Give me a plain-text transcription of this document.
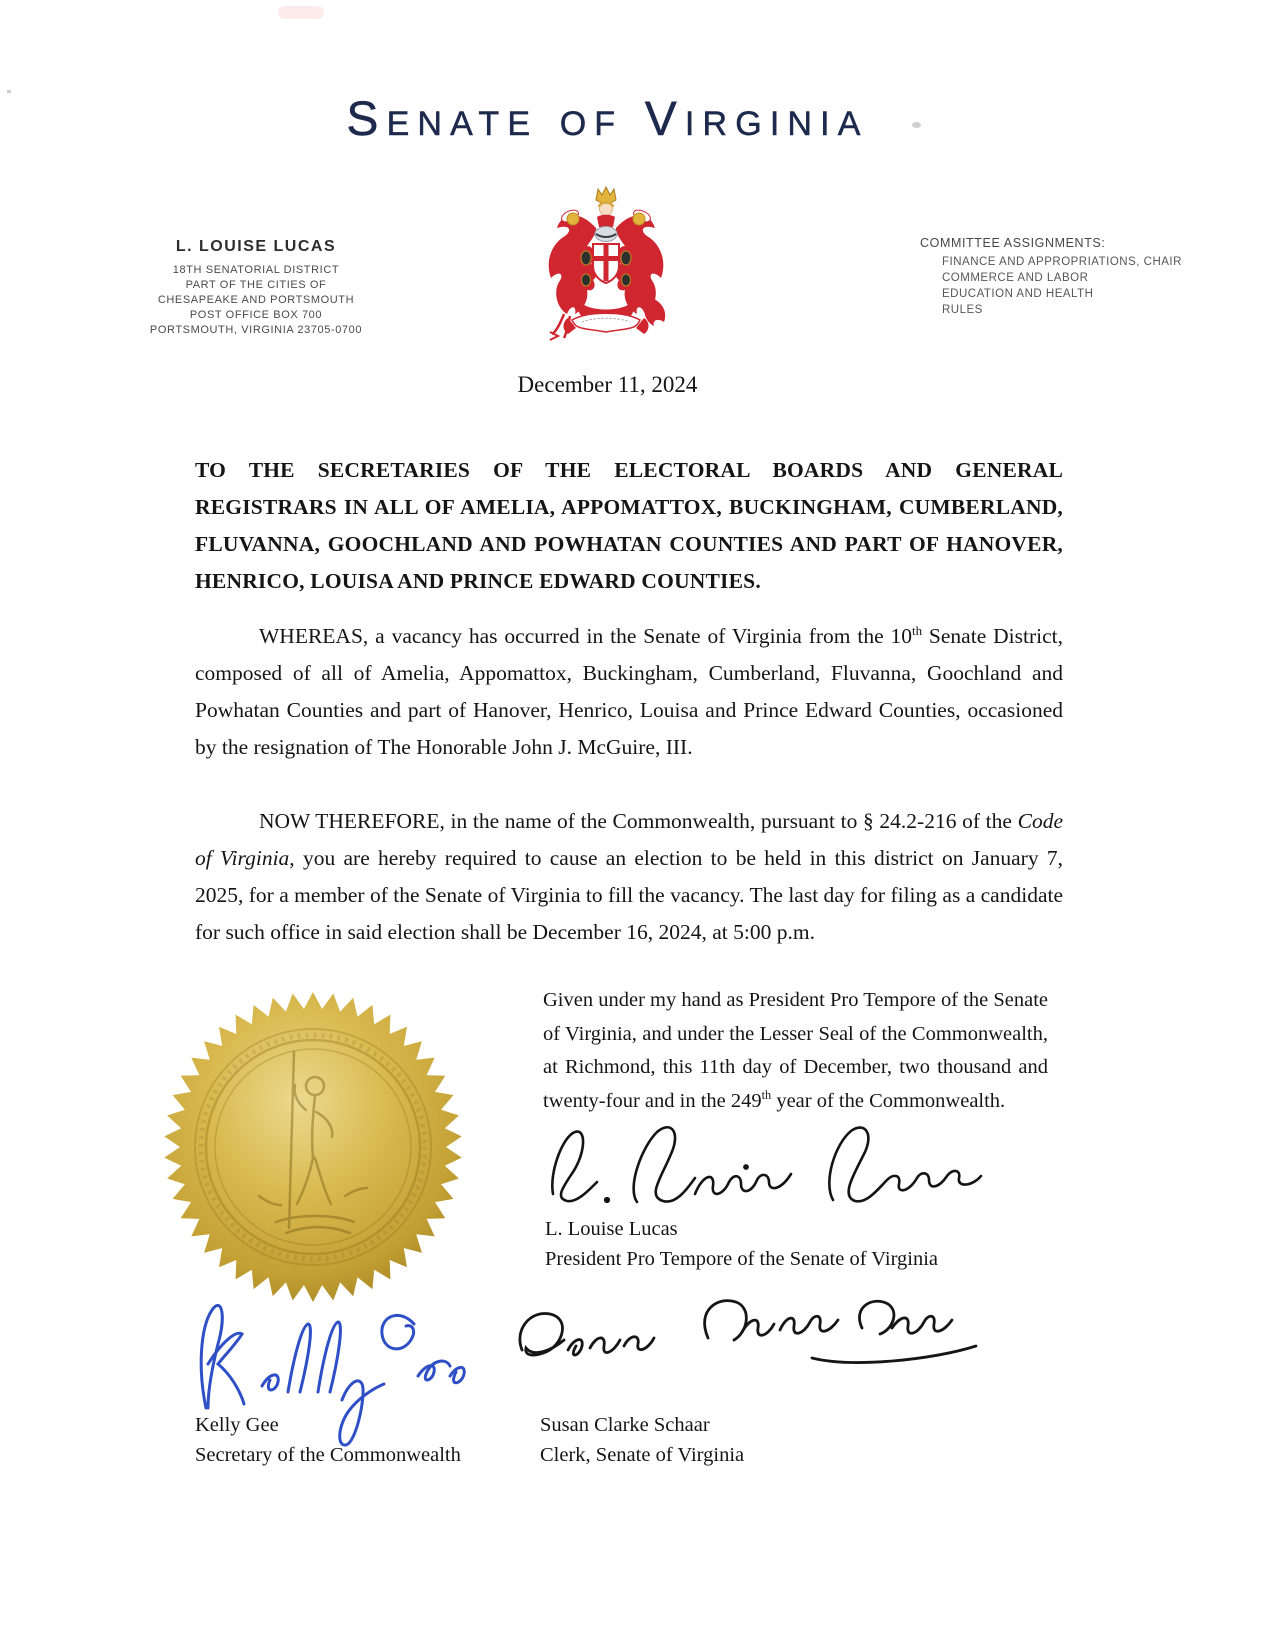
Senate of Virginia
L. LOUISE LUCAS
18TH SENATORIAL DISTRICT
PART OF THE CITIES OF
CHESAPEAKE AND PORTSMOUTH
POST OFFICE BOX 700
PORTSMOUTH, VIRGINIA 23705-0700
COMMITTEE ASSIGNMENTS:
FINANCE AND APPROPRIATIONS, CHAIR
COMMERCE AND LABOR
EDUCATION AND HEALTH
RULES
December 11, 2024

TO THE SECRETARIES OF THE ELECTORAL BOARDS AND GENERAL REGISTRARS IN ALL OF AMELIA, APPOMATTOX, BUCKINGHAM, CUMBERLAND, FLUVANNA, GOOCHLAND AND POWHATAN COUNTIES AND PART OF HANOVER, HENRICO, LOUISA AND PRINCE EDWARD COUNTIES.

WHEREAS, a vacancy has occurred in the Senate of Virginia from the 10th Senate District, composed of all of Amelia, Appomattox, Buckingham, Cumberland, Fluvanna, Goochland and Powhatan Counties and part of Hanover, Henrico, Louisa and Prince Edward Counties, occasioned by the resignation of The Honorable John J. McGuire, III.

NOW THEREFORE, in the name of the Commonwealth, pursuant to § 24.2-216 of the Code of Virginia, you are hereby required to cause an election to be held in this district on January 7, 2025, for a member of the Senate of Virginia to fill the vacancy. The last day for filing as a candidate for such office in said election shall be December 16, 2024, at 5:00 p.m.

Given under my hand as President Pro Tempore of the Senate of Virginia, and under the Lesser Seal of the Commonwealth, at Richmond, this 11th day of December, two thousand and twenty-four and in the 249th year of the Commonwealth.
L. Louise Lucas
President Pro Tempore of the Senate of Virginia
Kelly Gee
Secretary of the Commonwealth
Susan Clarke Schaar
Clerk, Senate of Virginia
